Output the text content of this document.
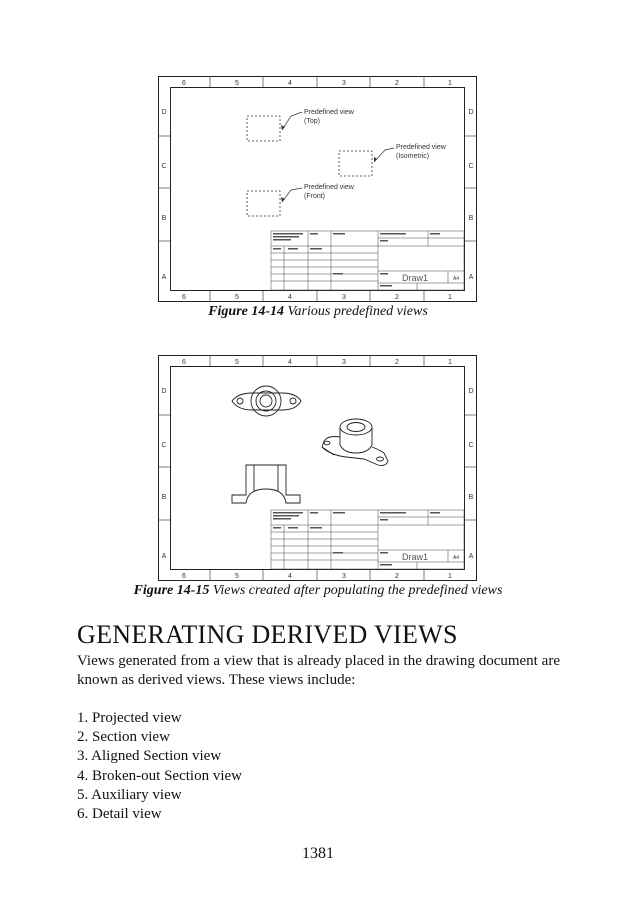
6	5	4	3	2	1
6	5	4	3	2	1
D
C
B
A
D
C
B
A
Predefined view
(Top)
Predefined view
(Isometric)
Predefined view
(Front)
Draw1	A4
Figure 14-14 Various predefined views
6	5	4	3	2	1
6	5	4	3	2	1
D
C
B
A
D
C
B
A
Draw1	A4
Figure 14-15 Views created after populating the predefined views
GENERATING DERIVED VIEWS
Views generated from a view that is already placed in the drawing document are known as derived views. These views include:
1. Projected view
2. Section view
3. Aligned Section view
4. Broken-out Section view
5. Auxiliary view
6. Detail view
1381
